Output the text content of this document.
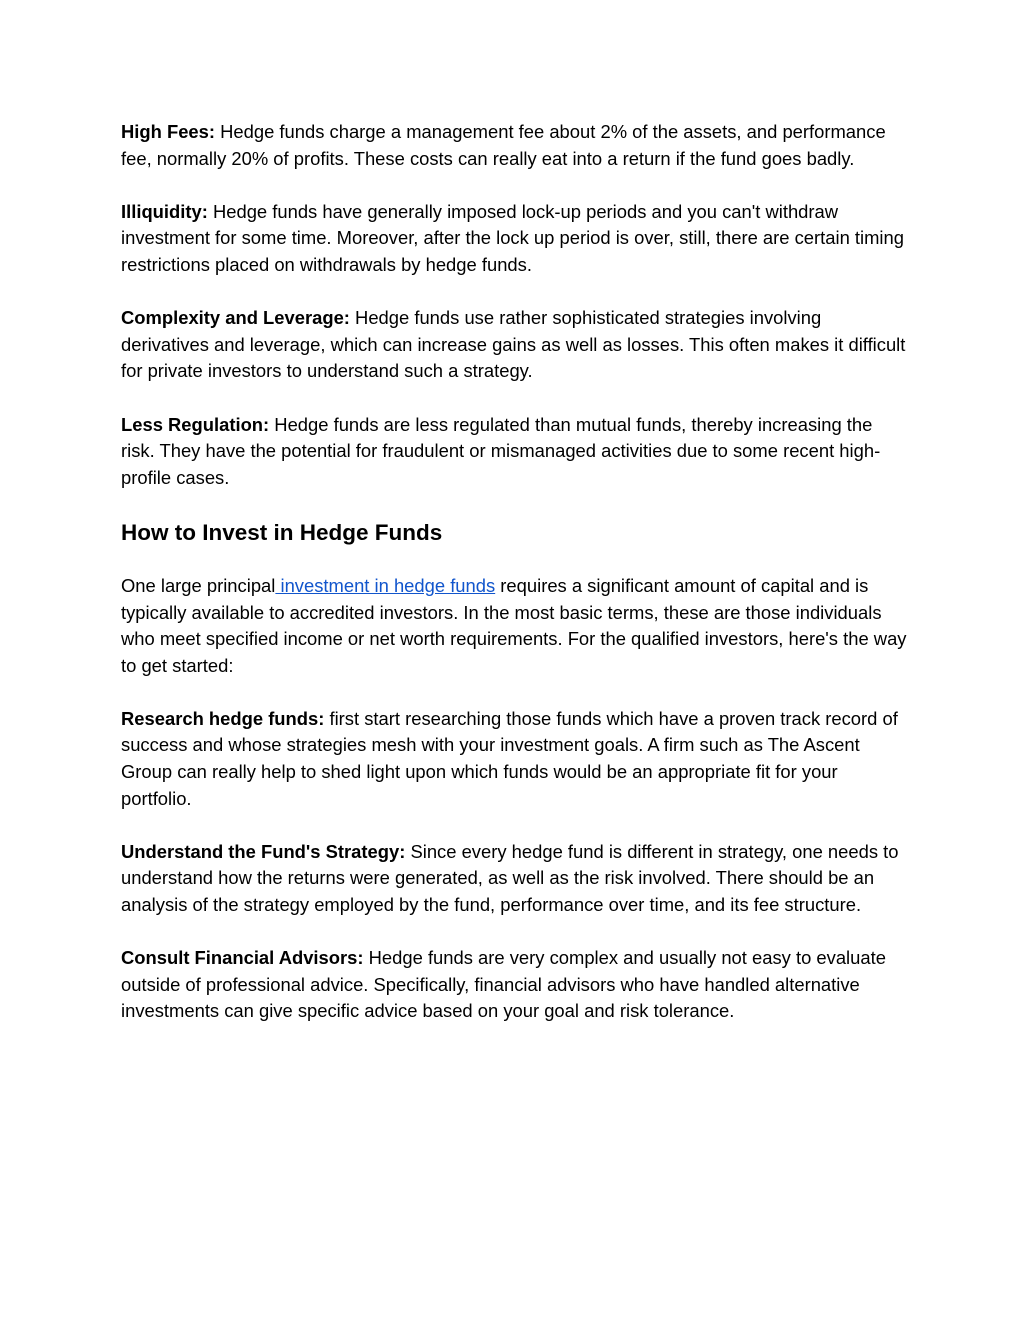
High Fees: Hedge funds charge a management fee about 2% of the assets, and performance fee, normally 20% of profits. These costs can really eat into a return if the fund goes badly.

Illiquidity: Hedge funds have generally imposed lock-up periods and you can't withdraw investment for some time. Moreover, after the lock up period is over, still, there are certain timing restrictions placed on withdrawals by hedge funds.

Complexity and Leverage: Hedge funds use rather sophisticated strategies involving derivatives and leverage, which can increase gains as well as losses. This often makes it difficult for private investors to understand such a strategy.

Less Regulation: Hedge funds are less regulated than mutual funds, thereby increasing the risk. They have the potential for fraudulent or mismanaged activities due to some recent high-profile cases.

How to Invest in Hedge Funds

One large principal investment in hedge funds requires a significant amount of capital and is typically available to accredited investors. In the most basic terms, these are those individuals who meet specified income or net worth requirements. For the qualified investors, here's the way to get started:

Research hedge funds: first start researching those funds which have a proven track record of success and whose strategies mesh with your investment goals. A firm such as The Ascent Group can really help to shed light upon which funds would be an appropriate fit for your portfolio.

Understand the Fund's Strategy: Since every hedge fund is different in strategy, one needs to understand how the returns were generated, as well as the risk involved. There should be an analysis of the strategy employed by the fund, performance over time, and its fee structure.

Consult Financial Advisors: Hedge funds are very complex and usually not easy to evaluate outside of professional advice. Specifically, financial advisors who have handled alternative investments can give specific advice based on your goal and risk tolerance.
